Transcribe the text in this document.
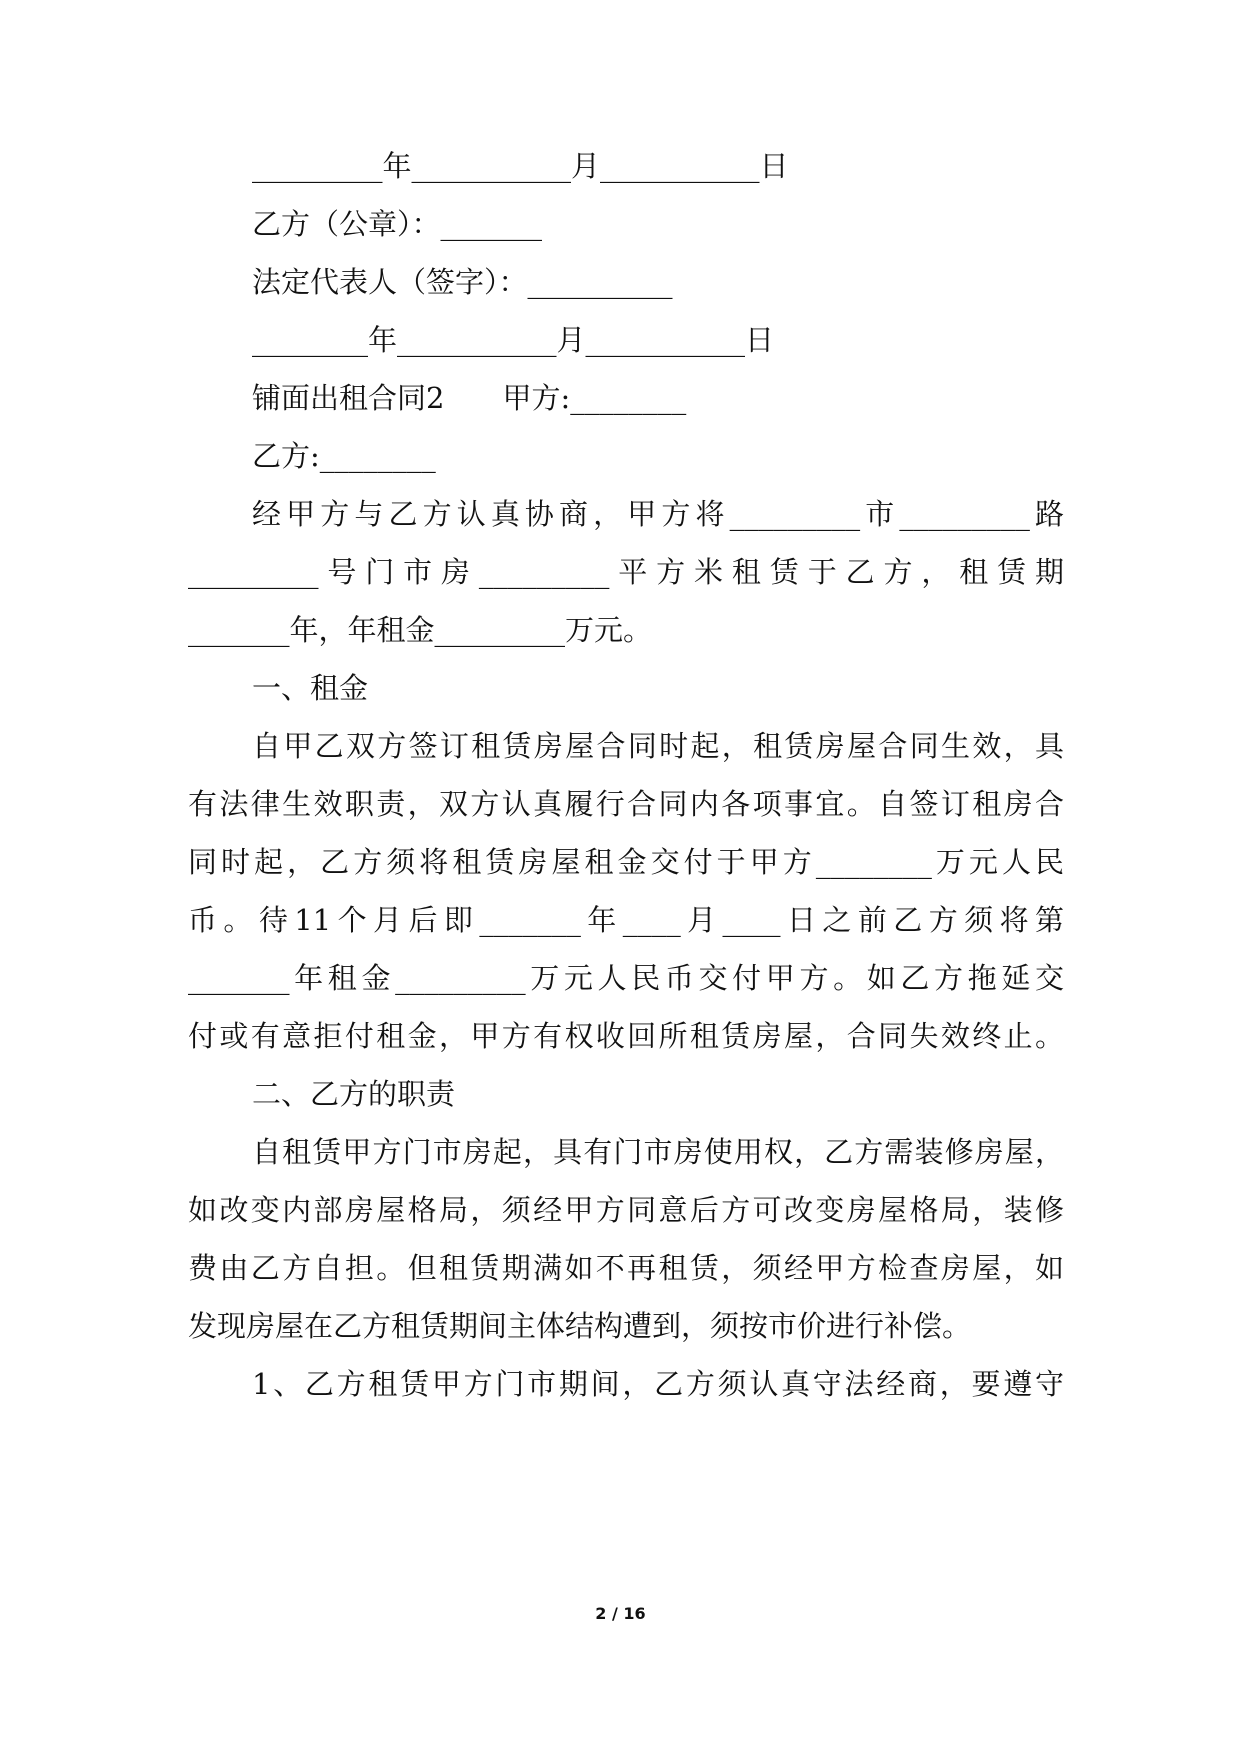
_________年___________月___________日
乙方（公章）：_______
法定代表人（签字）：__________
________年___________月___________日
铺面出租合同2　　甲方:________
乙方:________
经甲方与乙方认真协商，甲方将_________市_________路
_________号门市房_________平方米租赁于乙方，租赁期
_______年，年租金_________万元。
一、租金
自甲乙双方签订租赁房屋合同时起，租赁房屋合同生效，具
有法律生效职责，双方认真履行合同内各项事宜。自签订租房合
同时起，乙方须将租赁房屋租金交付于甲方________万元人民
币。待11个月后即_______年____月____日之前乙方须将第
_______年租金_________万元人民币交付甲方。如乙方拖延交
付或有意拒付租金，甲方有权收回所租赁房屋，合同失效终止。
二、乙方的职责
自租赁甲方门市房起，具有门市房使用权，乙方需装修房屋，
如改变内部房屋格局，须经甲方同意后方可改变房屋格局，装修
费由乙方自担。但租赁期满如不再租赁，须经甲方检查房屋，如
发现房屋在乙方租赁期间主体结构遭到，须按市价进行补偿。
1、乙方租赁甲方门市期间，乙方须认真守法经商，要遵守
2 / 16
